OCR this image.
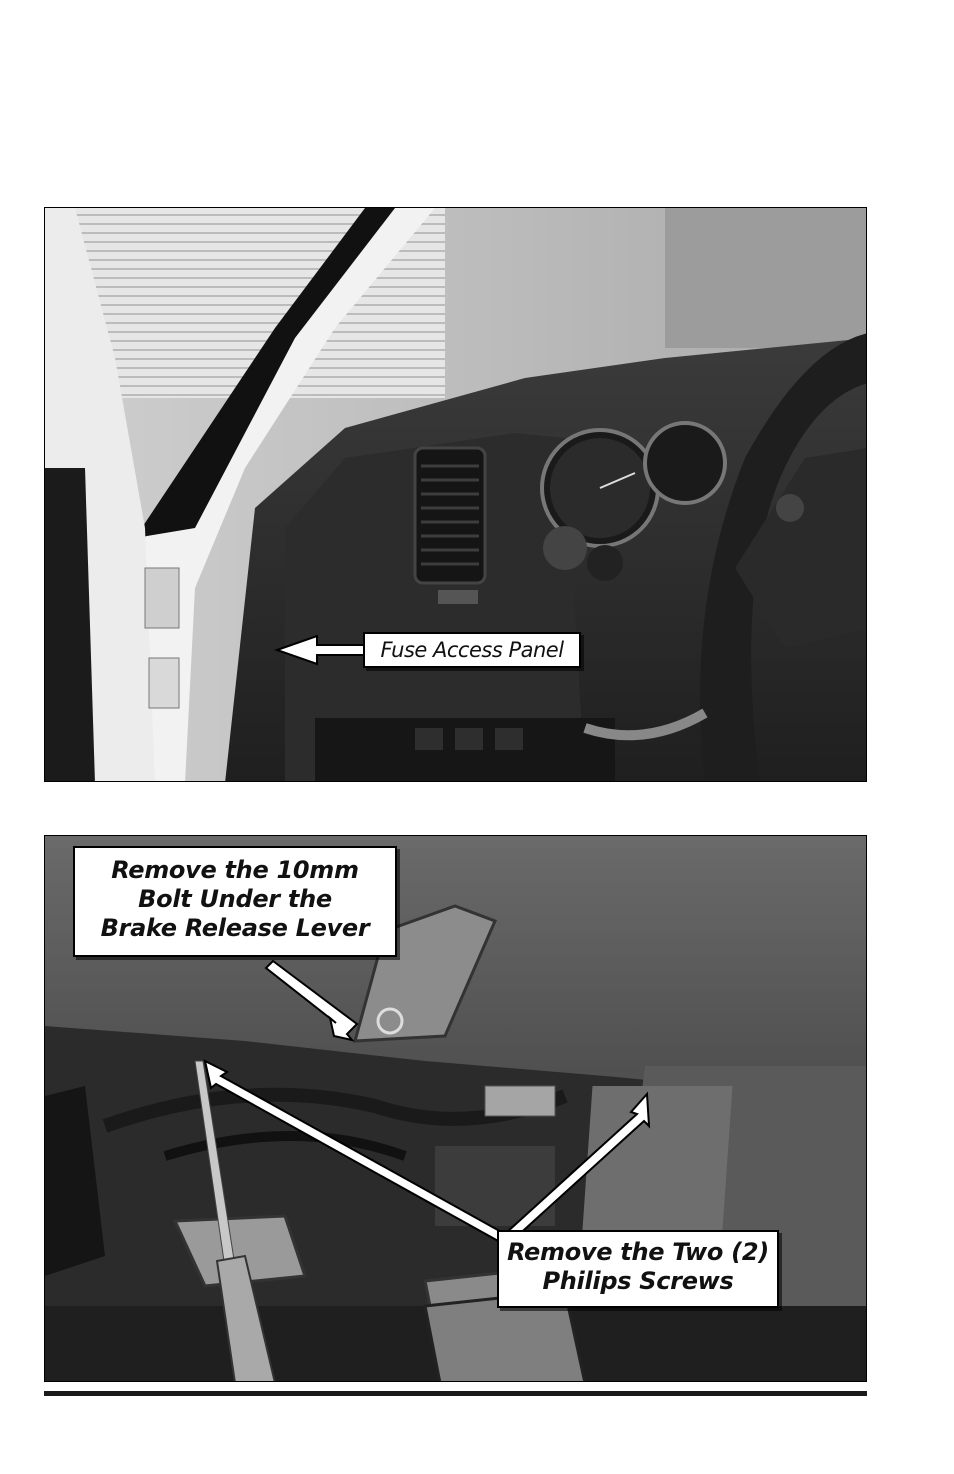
Fuse Access Panel
Remove the 10mm
Bolt Under the
Brake Release Lever
Remove the Two (2)
Philips Screws
